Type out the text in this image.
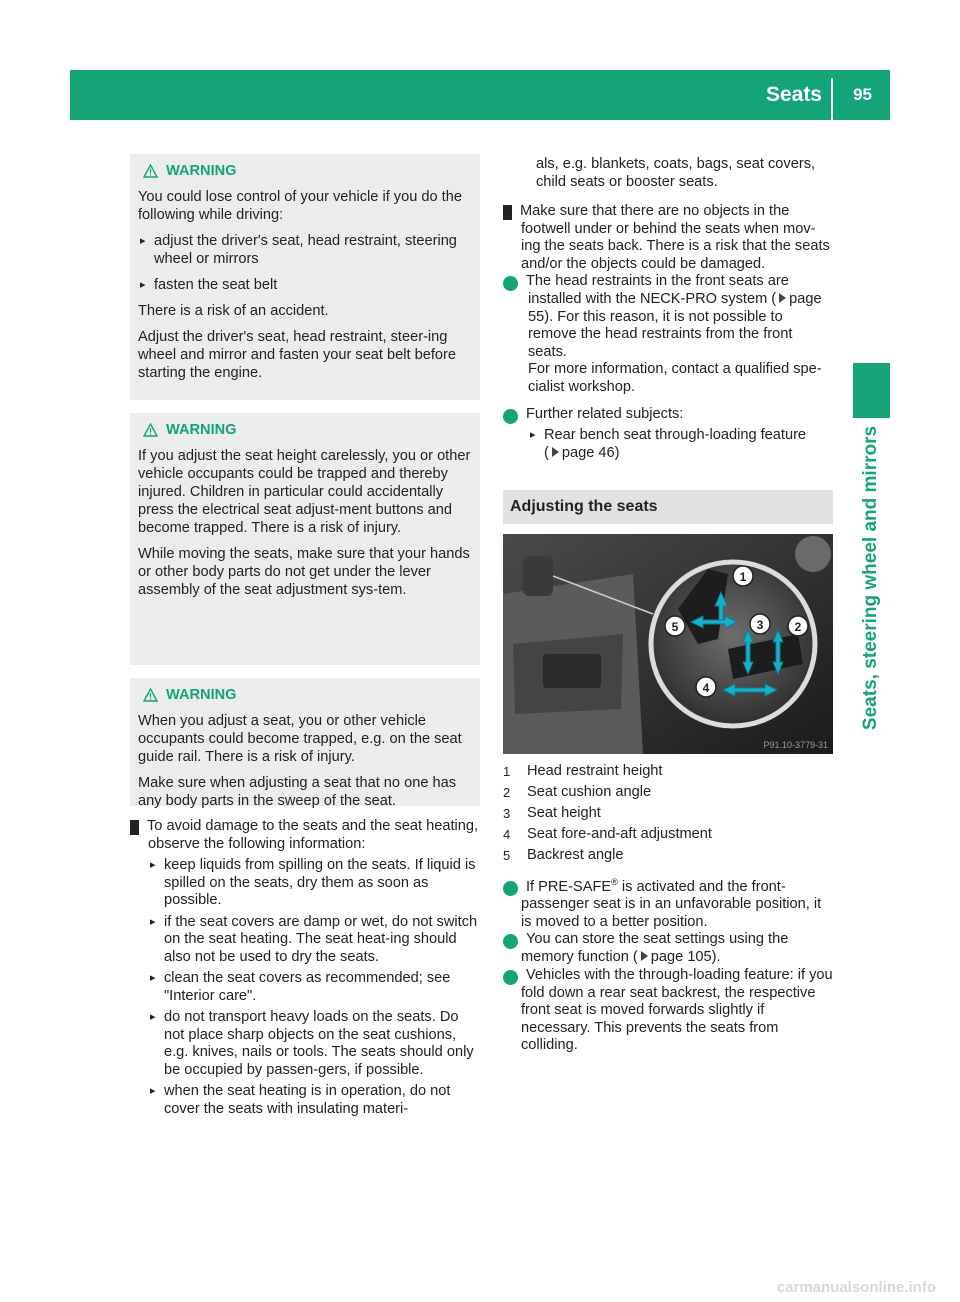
Seats 95
Seats, steering wheel and mirrors
WARNING

You could lose control of your vehicle if you do the following while driving:

▸ adjust the driver's seat, head restraint, steering wheel or mirrors

▸ fasten the seat belt

There is a risk of an accident.

Adjust the driver's seat, head restraint, steer-ing wheel and mirror and fasten your seat belt before starting the engine.

WARNING

If you adjust the seat height carelessly, you or other vehicle occupants could be trapped and thereby injured. Children in particular could accidentally press the electrical seat adjust-ment buttons and become trapped. There is a risk of injury.

While moving the seats, make sure that your hands or other body parts do not get under the lever assembly of the seat adjustment sys-tem.

WARNING

When you adjust a seat, you or other vehicle occupants could become trapped, e.g. on the seat guide rail. There is a risk of injury.

Make sure when adjusting a seat that no one has any body parts in the sweep of the seat.

! To avoid damage to the seats and the seat heating, observe the following information:

▸ keep liquids from spilling on the seats. If liquid is spilled on the seats, dry them as soon as possible.

▸ if the seat covers are damp or wet, do not switch on the seat heating. The seat heat-ing should also not be used to dry the seats.

▸ clean the seat covers as recommended; see "Interior care".

▸ do not transport heavy loads on the seats. Do not place sharp objects on the seat cushions, e.g. knives, nails or tools. The seats should only be occupied by passen-gers, if possible.

▸ when the seat heating is in operation, do not cover the seats with insulating materi-

als, e.g. blankets, coats, bags, seat covers, child seats or booster seats.

! Make sure that there are no objects in the footwell under or behind the seats when mov-ing the seats back. There is a risk that the seats and/or the objects could be damaged.

i The head restraints in the front seats are installed with the NECK-PRO system ( page 55). For this reason, it is not possible to remove the head restraints from the front seats.

For more information, contact a qualified spe-cialist workshop.

i Further related subjects:

▸ Rear bench seat through-loading feature
( page 46)

Adjusting the seats
1
2
3
4
5
P91.10-3779-31
1	Head restraint height
2	Seat cushion angle
3	Seat height
4	Seat fore-and-aft adjustment
5	Backrest angle

i If PRE-SAFE® is activated and the front-passenger seat is in an unfavorable position, it is moved to a better position.

i You can store the seat settings using the memory function ( page 105).

i Vehicles with the through-loading feature: if you fold down a rear seat backrest, the respective front seat is moved forwards slightly if necessary. This prevents the seats from colliding.

carmanualsonline.info
